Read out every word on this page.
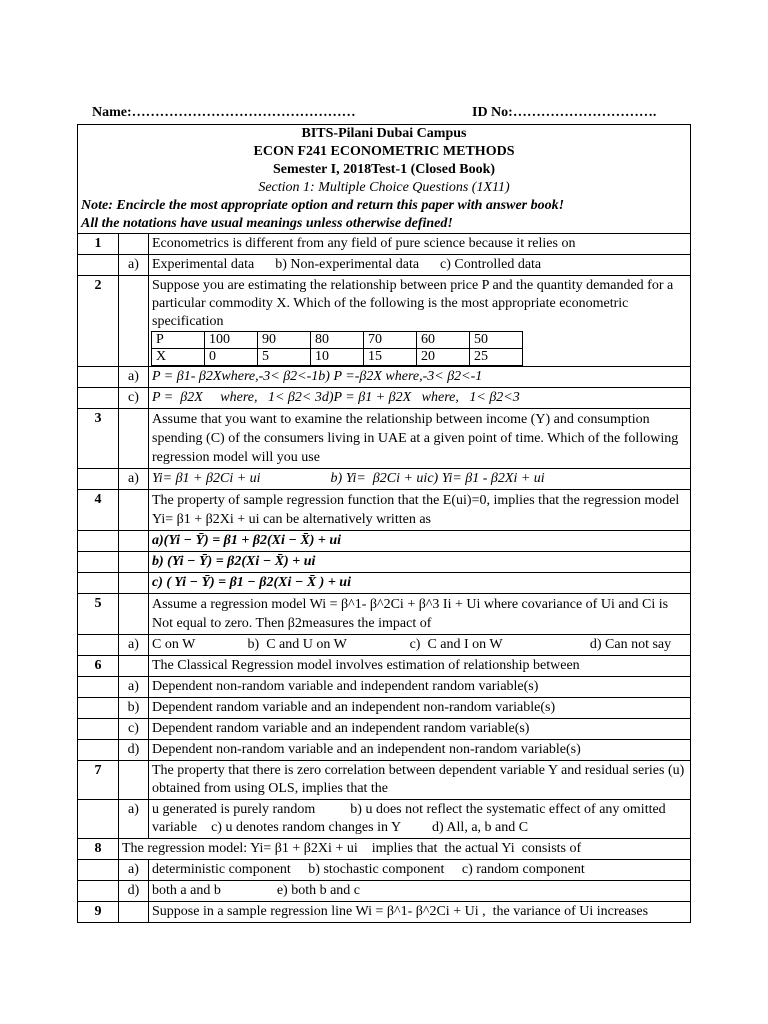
Name:…………………………………………	ID No:………………………….
BITS-Pilani Dubai Campus
ECON F241 ECONOMETRIC METHODS
Semester I, 2018Test-1 (Closed Book)
Section 1: Multiple Choice Questions (1X11)
Note: Encircle the most appropriate option and return this paper with answer book!
All the notations have usual meanings unless otherwise defined!

1		Econometrics is different from any field of pure science because it relies on
	a)	Experimental data      b) Non-experimental data      c) Controlled data
2		Suppose you are estimating the relationship between price P and the quantity demanded for a particular commodity X. Which of the following is the most appropriate econometric specification
P	100	90	80	70	60	50
X	0	5	10	15	20	25

	a)	P = β1- β2Xwhere,-3< β2<-1b) P =-β2X where,-3< β2<-1
	c)	P =  β2X     where,   1< β2< 3d)P = β1 + β2X   where,   1< β2<3
3		Assume that you want to examine the relationship between income (Y) and consumption spending (C) of the consumers living in UAE at a given point of time. Which of the following regression model will you use
	a)	Yi= β1 + β2Ci + ui                    b) Yi=  β2Ci + uic) Yi= β1 - β2Xi + ui
4		The property of sample regression function that the E(ui)=0, implies that the regression model Yi= β1 + β2Xi + ui can be alternatively written as
		a)(Yi − Ȳ) = β1 + β2(Xi − X̄) + ui
		b) (Yi − Ȳ) = β2(Xi − X̄) + ui
		c) ( Yi − Ȳ) = β1 − β2(Xi − X̄ ) + ui
5		Assume a regression model Wi = β^1- β^2Ci + β^3 Ii + Ui where covariance of Ui and Ci is Not equal to zero. Then β2measures the impact of
	a)	C on W               b)  C and U on W                  c)  C and I on W                         d) Can not say
6		The Classical Regression model involves estimation of relationship between
	a)	Dependent non-random variable and independent random variable(s)
	b)	Dependent random variable and an independent non-random variable(s)
	c)	Dependent random variable and an independent random variable(s)
	d)	Dependent non-random variable and an independent non-random variable(s)
7		The property that there is zero correlation between dependent variable Y and residual series (u) obtained from using OLS, implies that the
	a)	u generated is purely random          b) u does not reflect the systematic effect of any omitted variable    c) u denotes random changes in Y         d) All, a, b and C
8	The regression model: Yi= β1 + β2Xi + ui    implies that  the actual Yi  consists of
	a)	deterministic component     b) stochastic component     c) random component
	d)	both a and b                e) both b and c
9		Suppose in a sample regression line Wi = β^1- β^2Ci + Ui ,  the variance of Ui increases
